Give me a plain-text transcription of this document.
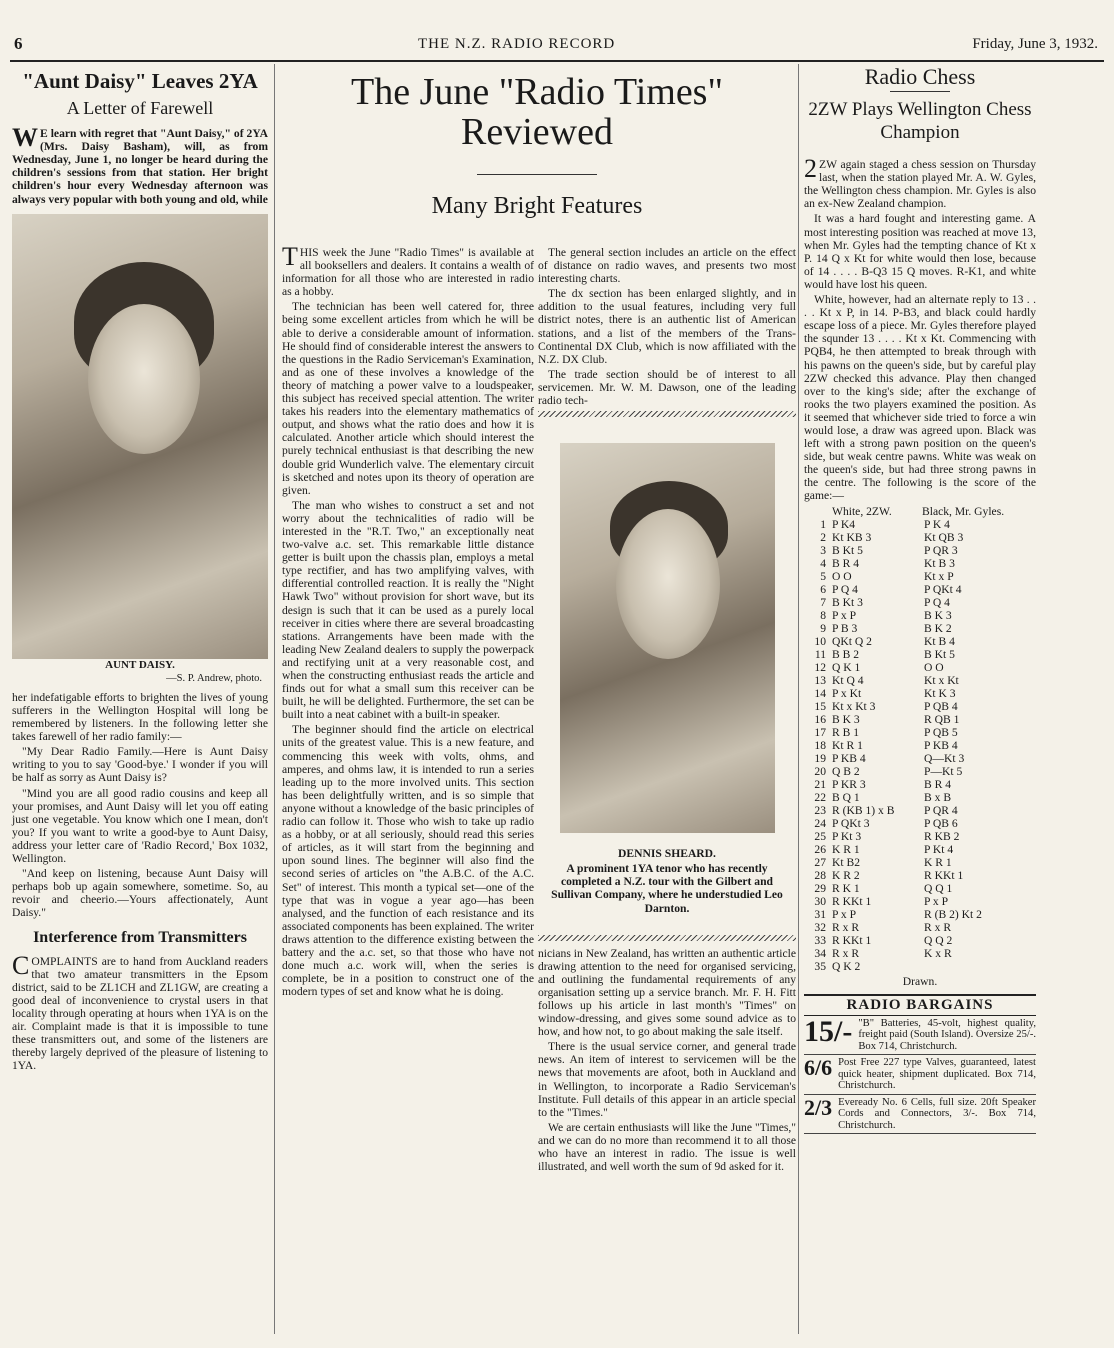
6	THE N.Z. RADIO RECORD	Friday, June 3, 1932.
"Aunt Daisy" Leaves 2YA
A Letter of Farewell

WE learn with regret that "Aunt Daisy," of 2YA (Mrs. Daisy Basham), will, as from Wednesday, June 1, no longer be heard during the children's sessions from that station. Her bright children's hour every Wednesday afternoon was always very popular with both young and old, while

AUNT DAISY.
—S. P. Andrew, photo.

her indefatigable efforts to brighten the lives of young sufferers in the Wellington Hospital will long be remembered by listeners. In the following letter she takes farewell of her radio family:—

"My Dear Radio Family.—Here is Aunt Daisy writing to you to say 'Good-bye.' I wonder if you will be half as sorry as Aunt Daisy is?

"Mind you are all good radio cousins and keep all your promises, and Aunt Daisy will let you off eating just one vegetable. You know which one I mean, don't you? If you want to write a good-bye to Aunt Daisy, address your letter care of 'Radio Record,' Box 1032, Wellington.

"And keep on listening, because Aunt Daisy will perhaps bob up again somewhere, sometime. So, au revoir and cheerio.—Yours affectionately, Aunt Daisy."

Interference from Transmitters

COMPLAINTS are to hand from Auckland readers that two amateur transmitters in the Epsom district, said to be ZL1CH and ZL1GW, are creating a good deal of inconvenience to crystal users in that locality through operating at hours when 1YA is on the air. Complaint made is that it is impossible to tune these transmitters out, and some of the listeners are thereby largely deprived of the pleasure of listening to 1YA.

The June "Radio Times" Reviewed
Many Bright Features

THIS week the June "Radio Times" is available at all booksellers and dealers. It contains a wealth of information for all those who are interested in radio as a hobby.

The technician has been well catered for, three being some excellent articles from which he will be able to derive a considerable amount of information. He should find of considerable interest the answers to the questions in the Radio Serviceman's Examination, and as one of these involves a knowledge of the theory of matching a power valve to a loudspeaker, this subject has received special attention. The writer takes his readers into the elementary mathematics of output, and shows what the ratio does and how it is calculated. Another article which should interest the purely technical enthusiast is that describing the new double grid Wunderlich valve. The elementary circuit is sketched and notes upon its theory of operation are given.

The man who wishes to construct a set and not worry about the technicalities of radio will be interested in the "R.T. Two," an exceptionally neat two-valve a.c. set. This remarkable little distance getter is built upon the chassis plan, employs a metal type rectifier, and has two amplifying valves, with differential controlled reaction. It is really the "Night Hawk Two" without provision for short wave, but its design is such that it can be used as a purely local receiver in cities where there are several broadcasting stations. Arrangements have been made with the leading New Zealand dealers to supply the powerpack and rectifying unit at a very reasonable cost, and when the constructing enthusiast reads the article and finds out for what a small sum this receiver can be built, he will be delighted. Furthermore, the set can be built into a neat cabinet with a built-in speaker.

The beginner should find the article on electrical units of the greatest value. This is a new feature, and commencing this week with volts, ohms, and amperes, and ohms law, it is intended to run a series leading up to the more involved units. This section has been delightfully written, and is so simple that anyone without a knowledge of the basic principles of radio can follow it. Those who wish to take up radio as a hobby, or at all seriously, should read this series of articles, as it will start from the beginning and upon sound lines. The beginner will also find the second series of articles on "the A.B.C. of the A.C. Set" of interest. This month a typical set—one of the type that was in vogue a year ago—has been analysed, and the function of each resistance and its associated components has been explained. The writer draws attention to the difference existing between the battery and the a.c. set, so that those who have not done much a.c. work will, when the series is complete, be in a position to construct one of the modern types of set and know what he is doing.

The general section includes an article on the effect of distance on radio waves, and presents two most interesting charts.

The dx section has been enlarged slightly, and in addition to the usual features, including very full district notes, there is an authentic list of American stations, and a list of the members of the Trans-Continental DX Club, which is now affiliated with the N.Z. DX Club.

The trade section should be of interest to all servicemen. Mr. W. M. Dawson, one of the leading radio tech-

DENNIS SHEARD.
A prominent 1YA tenor who has recently completed a N.Z. tour with the Gilbert and Sullivan Company, where he understudied Leo Darnton.

nicians in New Zealand, has written an authentic article drawing attention to the need for organised servicing, and outlining the fundamental requirements of any organisation setting up a service branch. Mr. F. H. Fitt follows up his article in last month's "Times" on window-dressing, and gives some sound advice as to how, and how not, to go about making the sale itself.

There is the usual service corner, and general trade news. An item of interest to servicemen will be the news that movements are afoot, both in Auckland and in Wellington, to incorporate a Radio Serviceman's Institute. Full details of this appear in an article special to the "Times."

We are certain enthusiasts will like the June "Times," and we can do no more than recommend it to all those who have an interest in radio. The issue is well illustrated, and well worth the sum of 9d asked for it.

Radio Chess
2ZW Plays Wellington Chess Champion

2ZW again staged a chess session on Thursday last, when the station played Mr. A. W. Gyles, the Wellington chess champion. Mr. Gyles is also an ex-New Zealand champion.

It was a hard fought and interesting game. A most interesting position was reached at move 13, when Mr. Gyles had the tempting chance of Kt x P. 14 Q x Kt for white would then lose, because of 14 . . . . B-Q3 15 Q moves. R-K1, and white would have lost his queen.

White, however, had an alternate reply to 13 . . . . Kt x P, in 14. P-B3, and black could hardly escape loss of a piece. Mr. Gyles therefore played the squnder 13 . . . . Kt x Kt. Commencing with PQB4, he then attempted to break through with his pawns on the queen's side, but by careful play 2ZW checked this advance. Play then changed over to the king's side; after the exchange of rooks the two players examined the position. As it seemed that whichever side tried to force a win would lose, a draw was agreed upon. Black was left with a strong pawn position on the queen's side, but weak centre pawns. White was weak on the queen's side, but had three strong pawns in the centre. The following is the score of the game:—

White, 2ZW.	Black, Mr. Gyles.
1	P K4	P K 4
2	Kt KB 3	Kt QB 3
3	B Kt 5	P QR 3
4	B R 4	Kt B 3
5	O O	Kt x P
6	P Q 4	P QKt 4
7	B Kt 3	P Q 4
8	P x P	B K 3
9	P B 3	B K 2
10	QKt Q 2	Kt B 4
11	B B 2	B Kt 5
12	Q K 1	O O
13	Kt Q 4	Kt x Kt
14	P x Kt	Kt K 3
15	Kt x Kt 3	P QB 4
16	B K 3	R QB 1
17	R B 1	P QB 5
18	Kt R 1	P KB 4
19	P KB 4	Q—Kt 3
20	Q B 2	P—Kt 5
21	P KR 3	B R 4
22	B Q 1	B x B
23	R (KB 1) x B	P QR 4
24	P QKt 3	P QB 6
25	P Kt 3	R KB 2
26	K R 1	P Kt 4
27	Kt B2	K R 1
28	K R 2	R KKt 1
29	R K 1	Q Q 1
30	R KKt 1	P x P
31	P x P	R (B 2) Kt 2
32	R x R	R x R
33	R KKt 1	Q Q 2
34	R x R	K x R
35	Q K 2	
Drawn.
RADIO BARGAINS
15/- "B" Batteries, 45-volt, highest quality, freight paid (South Island). Oversize 25/-. Box 714, Christchurch.
6/6 Post Free 227 type Valves, guaranteed, latest quick heater, shipment duplicated. Box 714, Christchurch.
2/3 Eveready No. 6 Cells, full size. 20ft Speaker Cords and Connectors, 3/-. Box 714, Christchurch.
